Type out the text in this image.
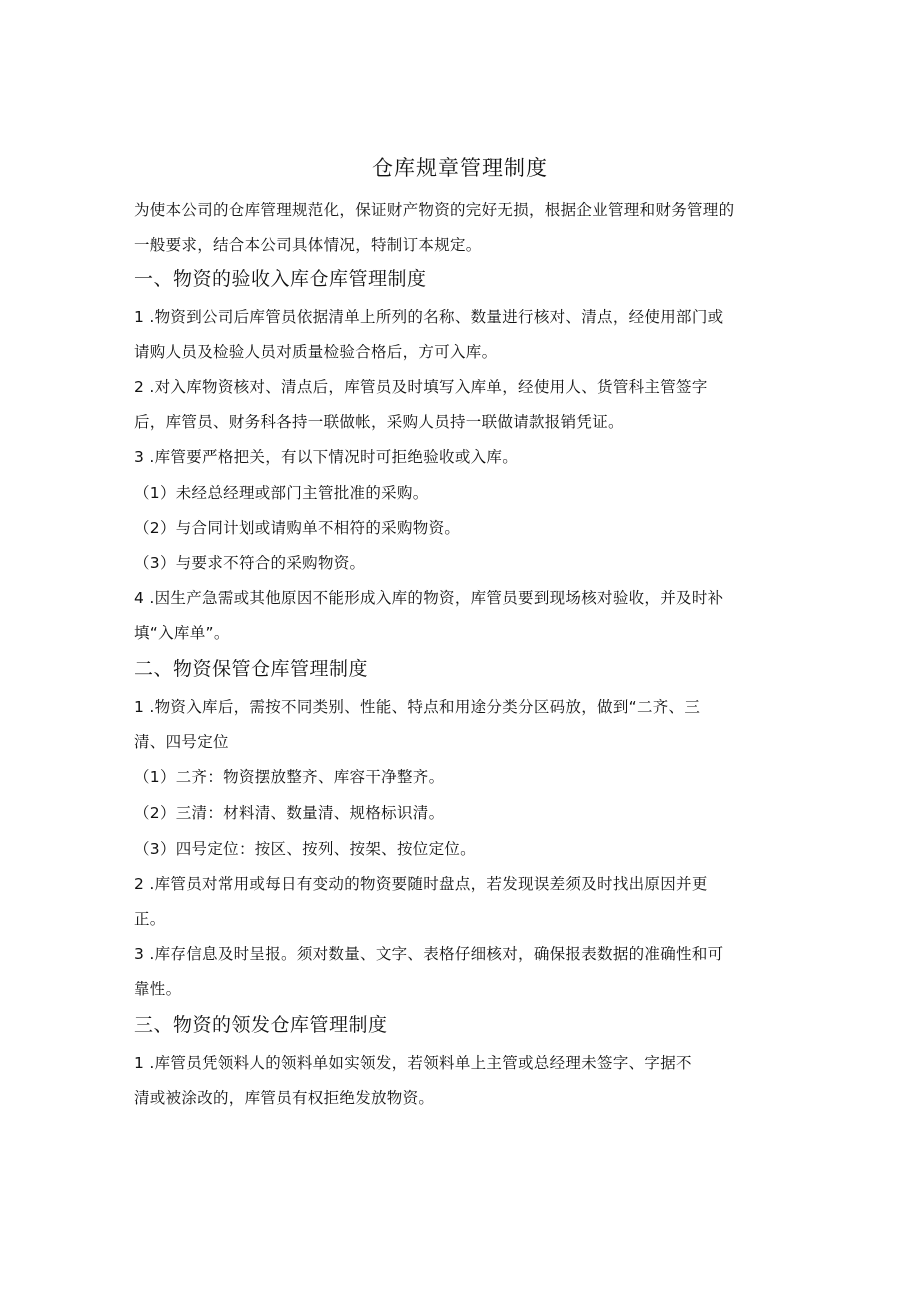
仓库规章管理制度
为使本公司的仓库管理规范化，保证财产物资的完好无损，根据企业管理和财务管理的
一般要求，结合本公司具体情况，特制订本规定。
一、物资的验收入库仓库管理制度
1 .物资到公司后库管员依据清单上所列的名称、数量进行核对、清点，经使用部门或
请购人员及检验人员对质量检验合格后，方可入库。
2 .对入库物资核对、清点后，库管员及时填写入库单，经使用人、货管科主管签字
后，库管员、财务科各持一联做帐，采购人员持一联做请款报销凭证。
3 .库管要严格把关，有以下情况时可拒绝验收或入库。
（1）未经总经理或部门主管批准的采购。
（2）与合同计划或请购单不相符的采购物资。
（3）与要求不符合的采购物资。
4 .因生产急需或其他原因不能形成入库的物资，库管员要到现场核对验收，并及时补
填“入库单”。
二、物资保管仓库管理制度
1 .物资入库后，需按不同类别、性能、特点和用途分类分区码放，做到“二齐、三
清、四号定位
（1）二齐：物资摆放整齐、库容干净整齐。
（2）三清：材料清、数量清、规格标识清。
（3）四号定位：按区、按列、按架、按位定位。
2 .库管员对常用或每日有变动的物资要随时盘点，若发现误差须及时找出原因并更
正。
3 .库存信息及时呈报。须对数量、文字、表格仔细核对，确保报表数据的准确性和可
靠性。
三、物资的领发仓库管理制度
1 .库管员凭领料人的领料单如实领发，若领料单上主管或总经理未签字、字据不
清或被涂改的，库管员有权拒绝发放物资。
